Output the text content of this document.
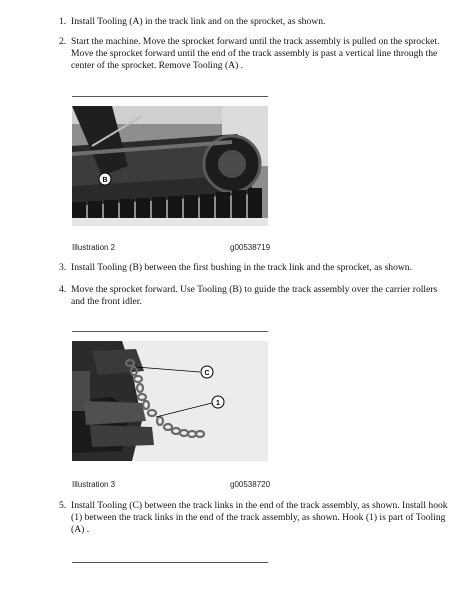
1. Install Tooling (A) in the track link and on the sprocket, as shown.
2. Start the machine. Move the sprocket forward until the track assembly is pulled on the sprocket. Move the sprocket forward until the end of the track assembly is past a vertical line through the center of the sprocket. Remove Tooling (A) .
B
Illustration 2	g00538719
3. Install Tooling (B) between the first bushing in the track link and the sprocket, as shown.
4. Move the sprocket forward. Use Tooling (B) to guide the track assembly over the carrier rollers and the front idler.
C
1
Illustration 3	g00538720
5. Install Tooling (C) between the track links in the end of the track assembly, as shown. Install hook (1) between the track links in the end of the track assembly, as shown. Hook (1) is part of Tooling (A) .
